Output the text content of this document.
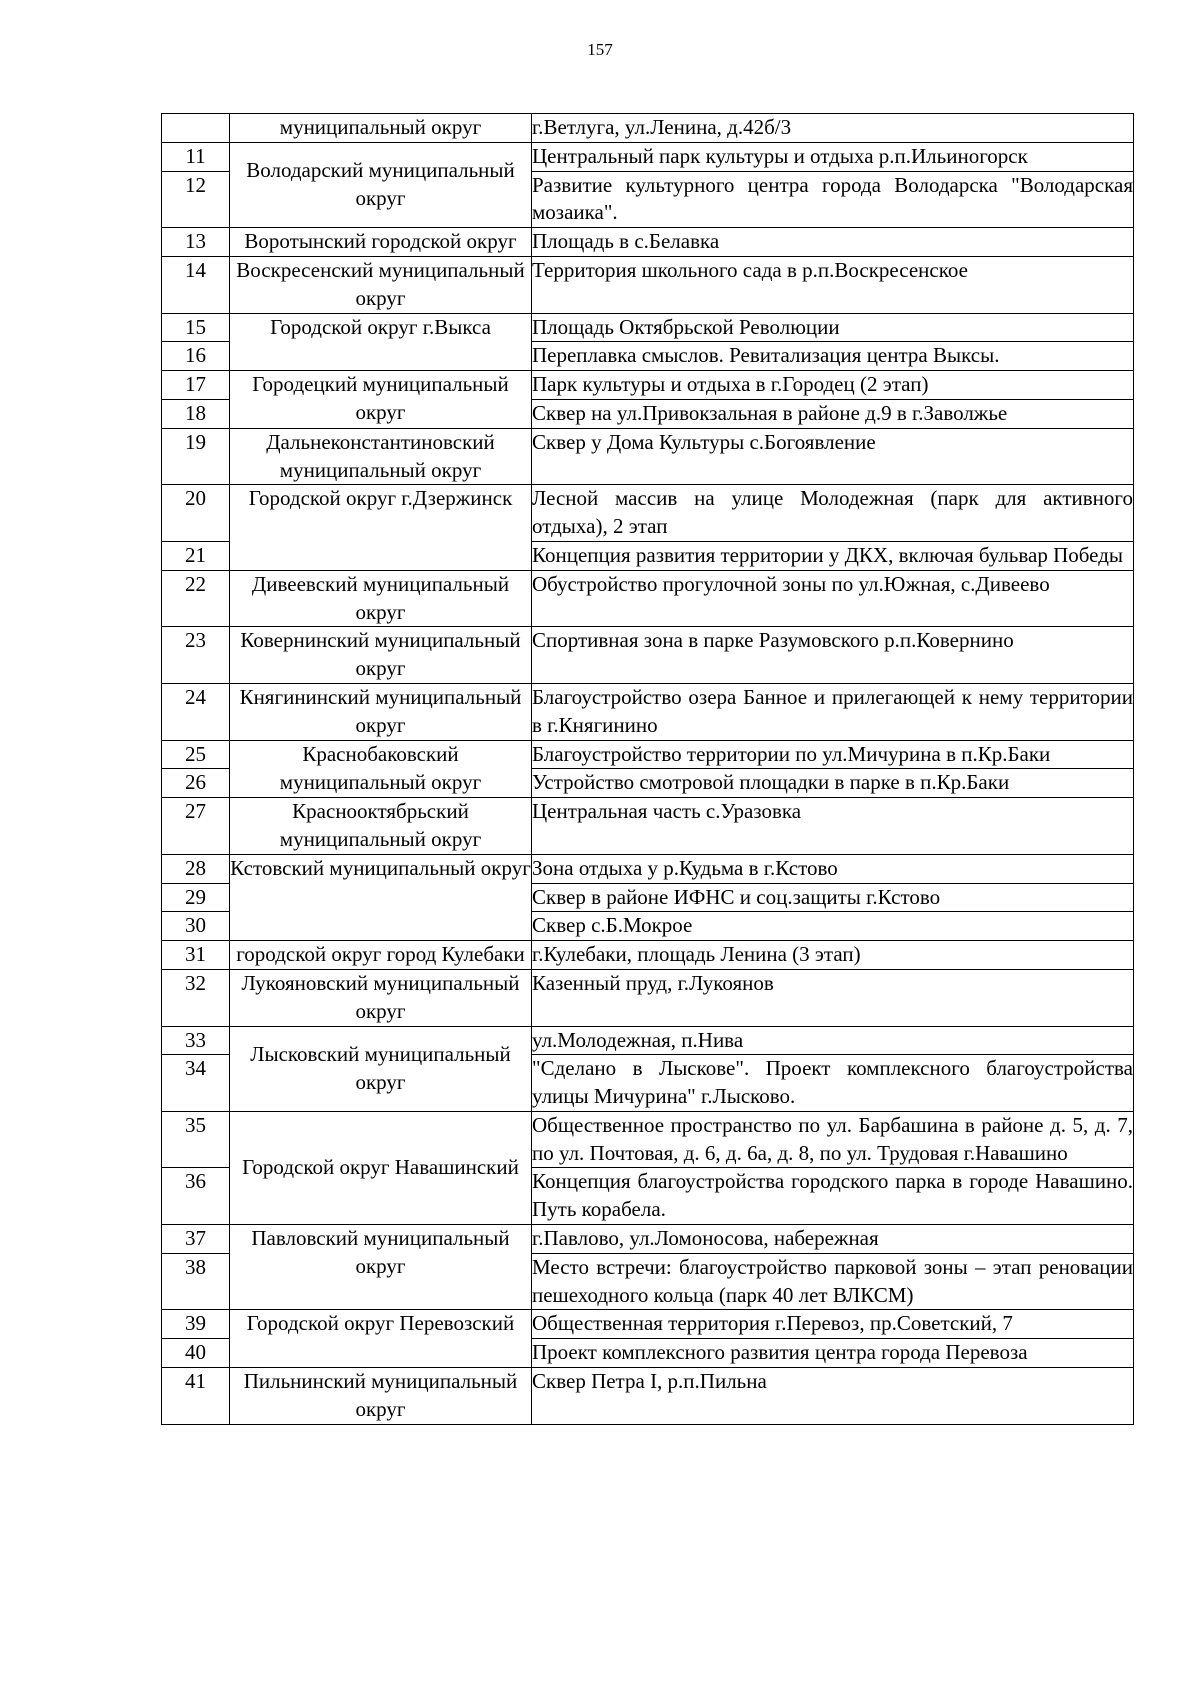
157
	муниципальный округ	г.Ветлуга, ул.Ленина, д.42б/3
11	Володарский муниципальный округ	Центральный парк культуры и отдыха р.п.Ильиногорск
12		Развитие культурного центра города Володарска "Володарская мозаика".
13	Воротынский городской округ	Площадь в с.Белавка
14	Воскресенский муниципальный округ	Территория школьного сада в р.п.Воскресенское
15	Городской округ г.Выкса	Площадь Октябрьской Революции
16		Переплавка смыслов. Ревитализация центра Выксы.
17	Городецкий муниципальный округ	Парк культуры и отдыха в г.Городец (2 этап)
18		Сквер на ул.Привокзальная в районе д.9 в г.Заволжье
19	Дальнеконстантиновский муниципальный округ	Сквер у Дома Культуры с.Богоявление
20	Городской округ г.Дзержинск	Лесной массив на улице Молодежная (парк для активного отдыха), 2 этап
21		Концепция развития территории у ДКХ, включая бульвар Победы
22	Дивеевский муниципальный округ	Обустройство прогулочной зоны по ул.Южная, с.Дивеево
23	Ковернинский муниципальный округ	Спортивная зона в парке Разумовского р.п.Ковернино
24	Княгининский муниципальный округ	Благоустройство озера Банное и прилегающей к нему территории в г.Княгинино
25	Краснобаковский муниципальный округ	Благоустройство территории по ул.Мичурина в п.Кр.Баки
26		Устройство смотровой площадки в парке в п.Кр.Баки
27	Краснооктябрьский муниципальный округ	Центральная часть с.Уразовка
28	Кстовский муниципальный округ	Зона отдыха у р.Кудьма в г.Кстово
29		Сквер в районе ИФНС и соц.защиты г.Кстово
30		Сквер с.Б.Мокрое
31	городской округ город Кулебаки	г.Кулебаки, площадь Ленина (3 этап)
32	Лукояновский муниципальный округ	Казенный пруд, г.Лукоянов
33	Лысковский муниципальный округ	ул.Молодежная, п.Нива
34		"Сделано в Лыскове". Проект комплексного благоустройства улицы Мичурина" г.Лысково.
35	Городской округ Навашинский	Общественное пространство по ул. Барбашина в районе д. 5, д. 7, по ул. Почтовая, д. 6, д. 6а, д. 8, по ул. Трудовая г.Навашино
36		Концепция благоустройства городского парка в городе Навашино. Путь корабела.
37	Павловский муниципальный округ	г.Павлово, ул.Ломоносова, набережная
38		Место встречи: благоустройство парковой зоны – этап реновации пешеходного кольца (парк 40 лет ВЛКСМ)
39	Городской округ Перевозский	Общественная территория г.Перевоз, пр.Советский, 7
40		Проект комплексного развития центра города Перевоза
41	Пильнинский муниципальный округ	Сквер Петра I, р.п.Пильна
